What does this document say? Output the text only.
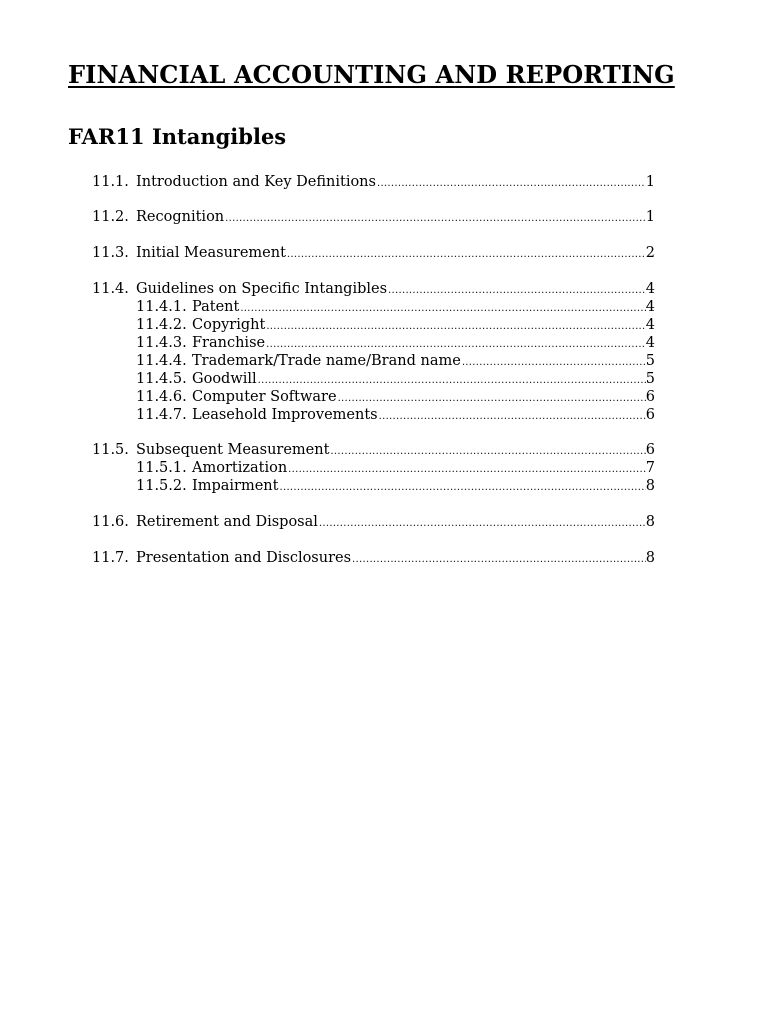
FINANCIAL ACCOUNTING AND REPORTING
FAR11 Intangibles
11.1. Introduction and Key Definitions .....	1
11.2. Recognition .....	1
11.3. Initial Measurement .....	2
11.4. Guidelines on Specific Intangibles .....	4
11.4.1. Patent .....	4
11.4.2. Copyright .....	4
11.4.3. Franchise .....	4
11.4.4. Trademark/Trade name/Brand name .....	5
11.4.5. Goodwill .....	5
11.4.6. Computer Software .....	6
11.4.7. Leasehold Improvements .....	6
11.5. Subsequent Measurement .....	6
11.5.1. Amortization .....	7
11.5.2. Impairment .....	8
11.6. Retirement and Disposal .....	8
11.7. Presentation and Disclosures .....	8
